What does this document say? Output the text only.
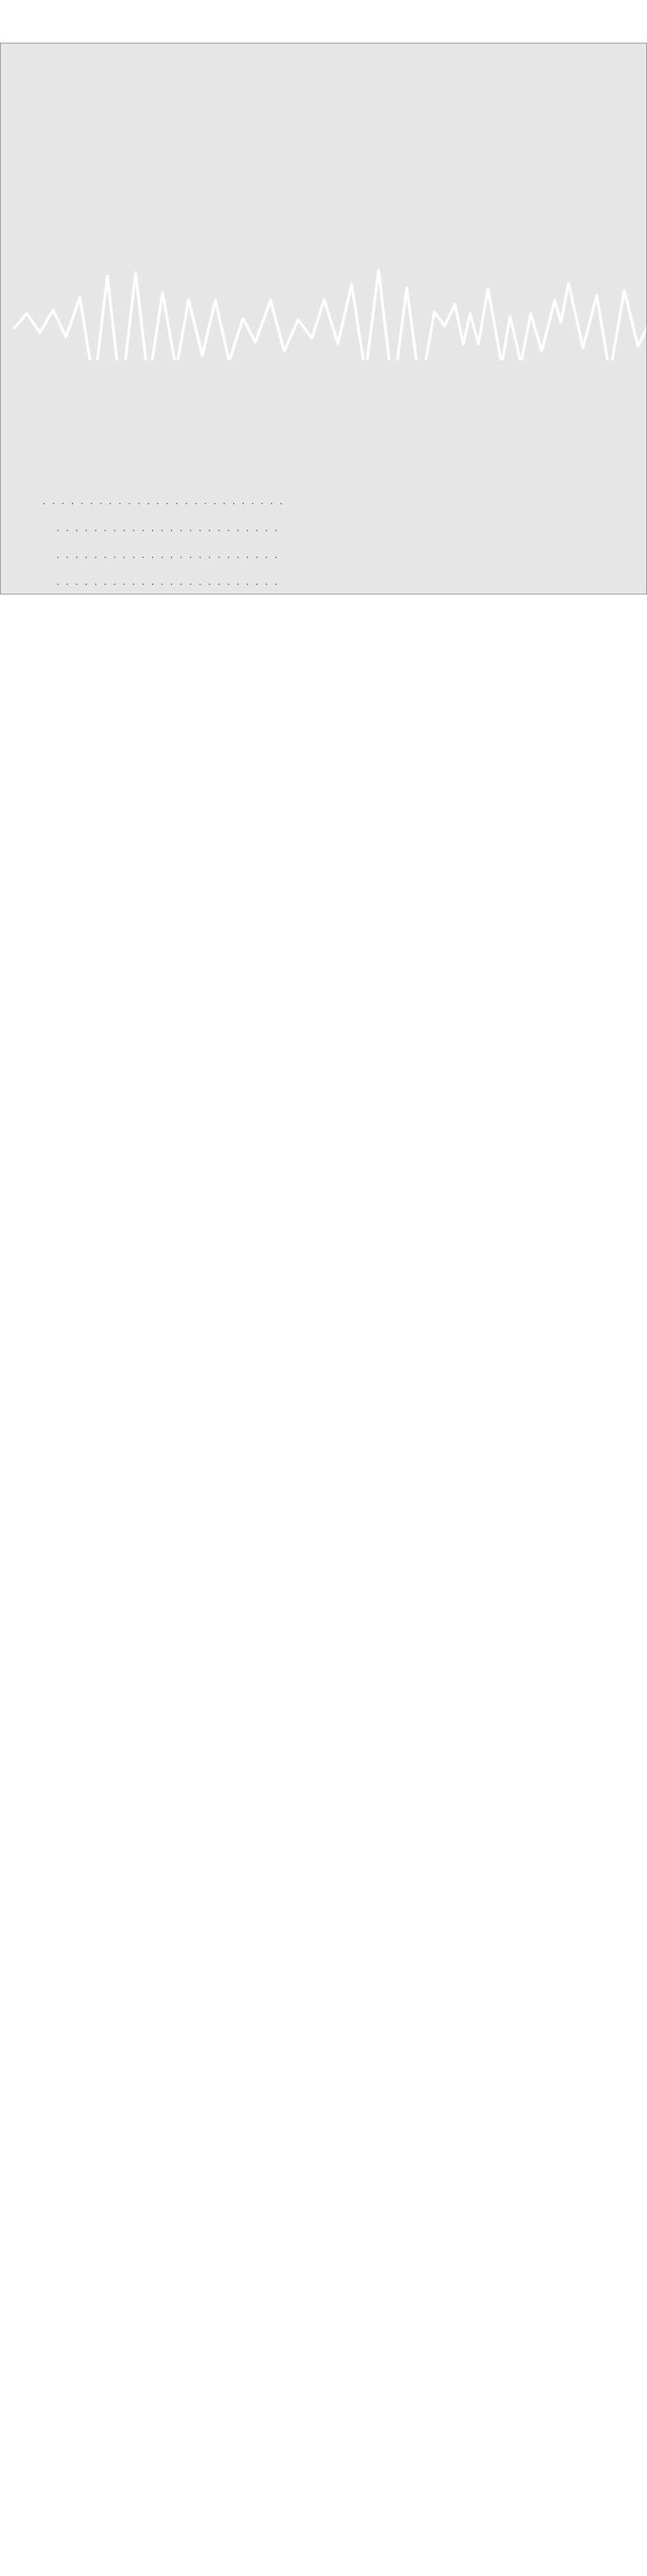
. . .
. . .
. . .
. . .
